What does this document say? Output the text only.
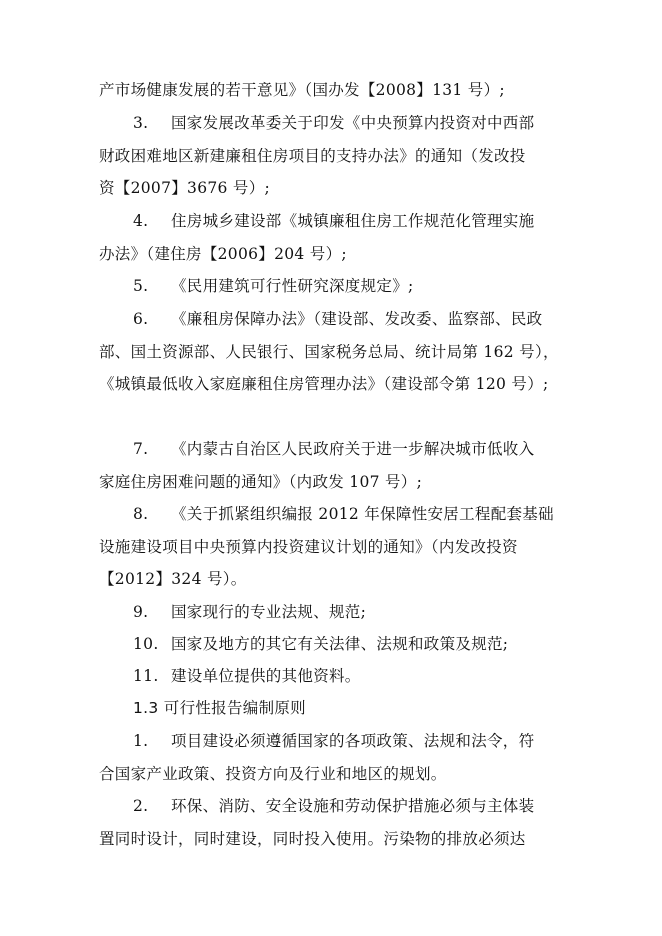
产市场健康发展的若干意见》（国办发【2008】131 号）;
3. 国家发展改革委关于印发《中央预算内投资对中西部
财政困难地区新建廉租住房项目的支持办法》的通知（发改投
资【2007】3676 号）;
4. 住房城乡建设部《城镇廉租住房工作规范化管理实施
办法》（建住房【2006】204 号）;
5. 《民用建筑可行性研究深度规定》;
6. 《廉租房保障办法》（建设部、发改委、监察部、民政
部、国土资源部、人民银行、国家税务总局、统计局第 162 号），
《城镇最低收入家庭廉租住房管理办法》（建设部令第 120 号）;
7. 《内蒙古自治区人民政府关于进一步解决城市低收入
家庭住房困难问题的通知》（内政发 107 号）;
8. 《关于抓紧组织编报 2012 年保障性安居工程配套基础
设施建设项目中央预算内投资建议计划的通知》（内发改投资
【2012】324 号）。
9. 国家现行的专业法规、规范;
10. 国家及地方的其它有关法律、法规和政策及规范;
11. 建设单位提供的其他资料。
1.3 可行性报告编制原则
1. 项目建设必须遵循国家的各项政策、法规和法令，符
合国家产业政策、投资方向及行业和地区的规划。
2. 环保、消防、安全设施和劳动保护措施必须与主体装
置同时设计，同时建设，同时投入使用。污染物的排放必须达
